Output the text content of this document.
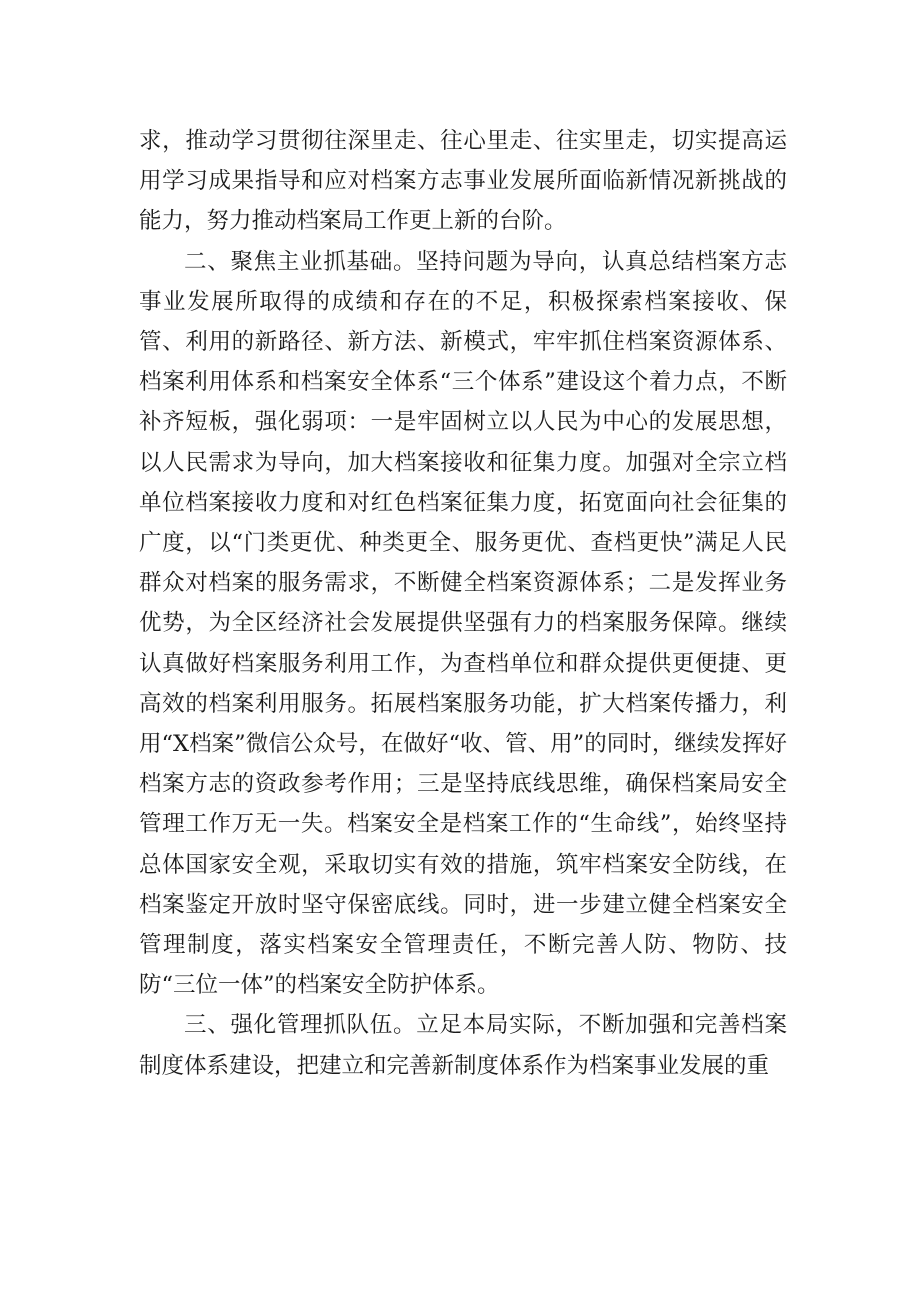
求，推动学习贯彻往深里走、往心里走、往实里走，切实提高运用学习成果指导和应对档案方志事业发展所面临新情况新挑战的能力，努力推动档案局工作更上新的台阶。

二、聚焦主业抓基础。坚持问题为导向，认真总结档案方志事业发展所取得的成绩和存在的不足，积极探索档案接收、保管、利用的新路径、新方法、新模式，牢牢抓住档案资源体系、档案利用体系和档案安全体系“三个体系”建设这个着力点，不断补齐短板，强化弱项：一是牢固树立以人民为中心的发展思想，以人民需求为导向，加大档案接收和征集力度。加强对全宗立档单位档案接收力度和对红色档案征集力度，拓宽面向社会征集的广度，以“门类更优、种类更全、服务更优、查档更快”满足人民群众对档案的服务需求，不断健全档案资源体系；二是发挥业务优势，为全区经济社会发展提供坚强有力的档案服务保障。继续认真做好档案服务利用工作，为查档单位和群众提供更便捷、更高效的档案利用服务。拓展档案服务功能，扩大档案传播力，利用“X档案”微信公众号，在做好“收、管、用”的同时，继续发挥好档案方志的资政参考作用；三是坚持底线思维，确保档案局安全管理工作万无一失。档案安全是档案工作的“生命线”，始终坚持总体国家安全观，采取切实有效的措施，筑牢档案安全防线，在档案鉴定开放时坚守保密底线。同时，进一步建立健全档案安全管理制度，落实档案安全管理责任，不断完善人防、物防、技防“三位一体”的档案安全防护体系。

三、强化管理抓队伍。立足本局实际，不断加强和完善档案制度体系建设，把建立和完善新制度体系作为档案事业发展的重
